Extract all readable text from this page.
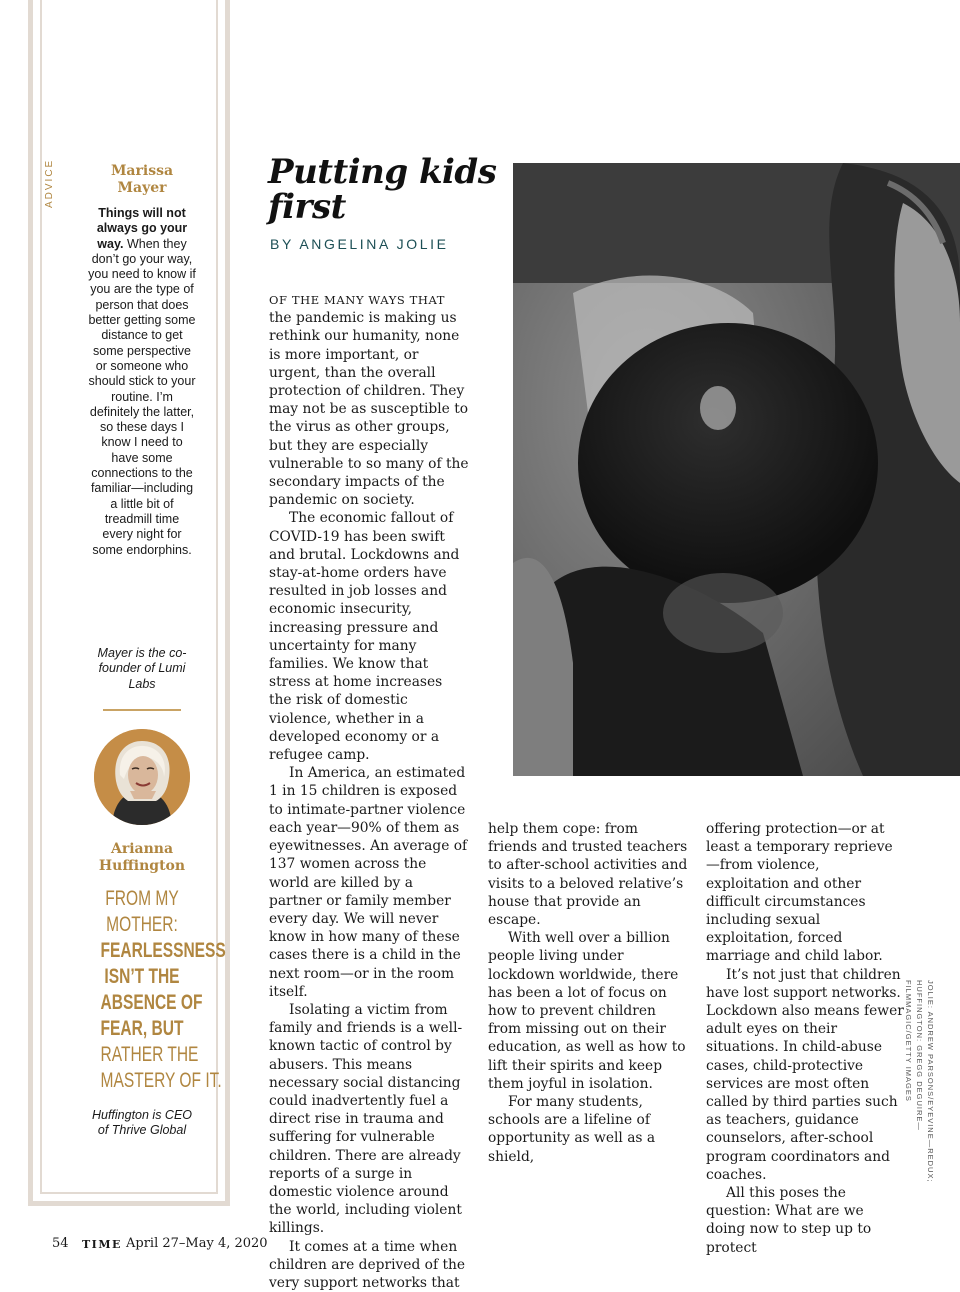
ADVICE	Marissa Mayer
Things will not always go your way. When they don’t go your way, you need to know if you are the type of person that does better getting some distance to get some perspective or someone who should stick to your routine. I’m definitely the latter, so these days I know I need to have some connections to the familiar—including a little bit of treadmill time every night for some endorphins.
Mayer is the co-founder of Lumi Labs
Arianna Huffington
FROM MY
MOTHER:
FEARLESSNESS
ISN’T THE
ABSENCE OF
FEAR, BUT
RATHER THE
MASTERY OF IT.
Huffington is CEO of Thrive Global
Putting kids first
BY ANGELINA JOLIE

OF THE MANY WAYS THAT the pandemic is making us rethink our humanity, none is more important, or urgent, than the overall protection of children. They may not be as susceptible to the virus as other groups, but they are especially vulnerable to so many of the secondary impacts of the pandemic on society.

The economic fallout of COVID-19 has been swift and brutal. Lockdowns and stay-at-home orders have resulted in job losses and economic insecurity, increasing pressure and uncertainty for many families. We know that stress at home increases the risk of domestic violence, whether in a developed economy or a refugee camp.

In America, an estimated 1 in 15 children is exposed to intimate-partner violence each year—90% of them as eyewitnesses. An average of 137 women across the world are killed by a partner or family member every day. We will never know in how many of these cases there is a child in the next room—or in the room itself.

Isolating a victim from family and friends is a well-known tactic of control by abusers. This means necessary social distancing could inadvertently fuel a direct rise in trauma and suffering for vulnerable children. There are already reports of a surge in domestic violence around the world, including violent killings.

It comes at a time when children are deprived of the very support networks that

help them cope: from friends and trusted teachers to after-school activities and visits to a beloved relative’s house that provide an escape.

With well over a billion people living under lockdown worldwide, there has been a lot of focus on how to prevent children from missing out on their education, as well as how to lift their spirits and keep them joyful in isolation.

For many students, schools are a lifeline of opportunity as well as a shield,

offering protection—or at least a temporary reprieve—from violence, exploitation and other difficult circumstances including sexual exploitation, forced marriage and child labor.

It’s not just that children have lost support networks. Lockdown also means fewer adult eyes on their situations. In child-abuse cases, child-protective services are most often called by third parties such as teachers, guidance counselors, after-school program coordinators and coaches.

All this poses the question: What are we doing now to step up to protect

JOLIE: ANDREW PARSONS/EYEVINE—REDUX; HUFFINGTON: GREGG DEGUIRE—FILMMAGIC/GETTY IMAGES
54 TIME April 27–May 4, 2020
